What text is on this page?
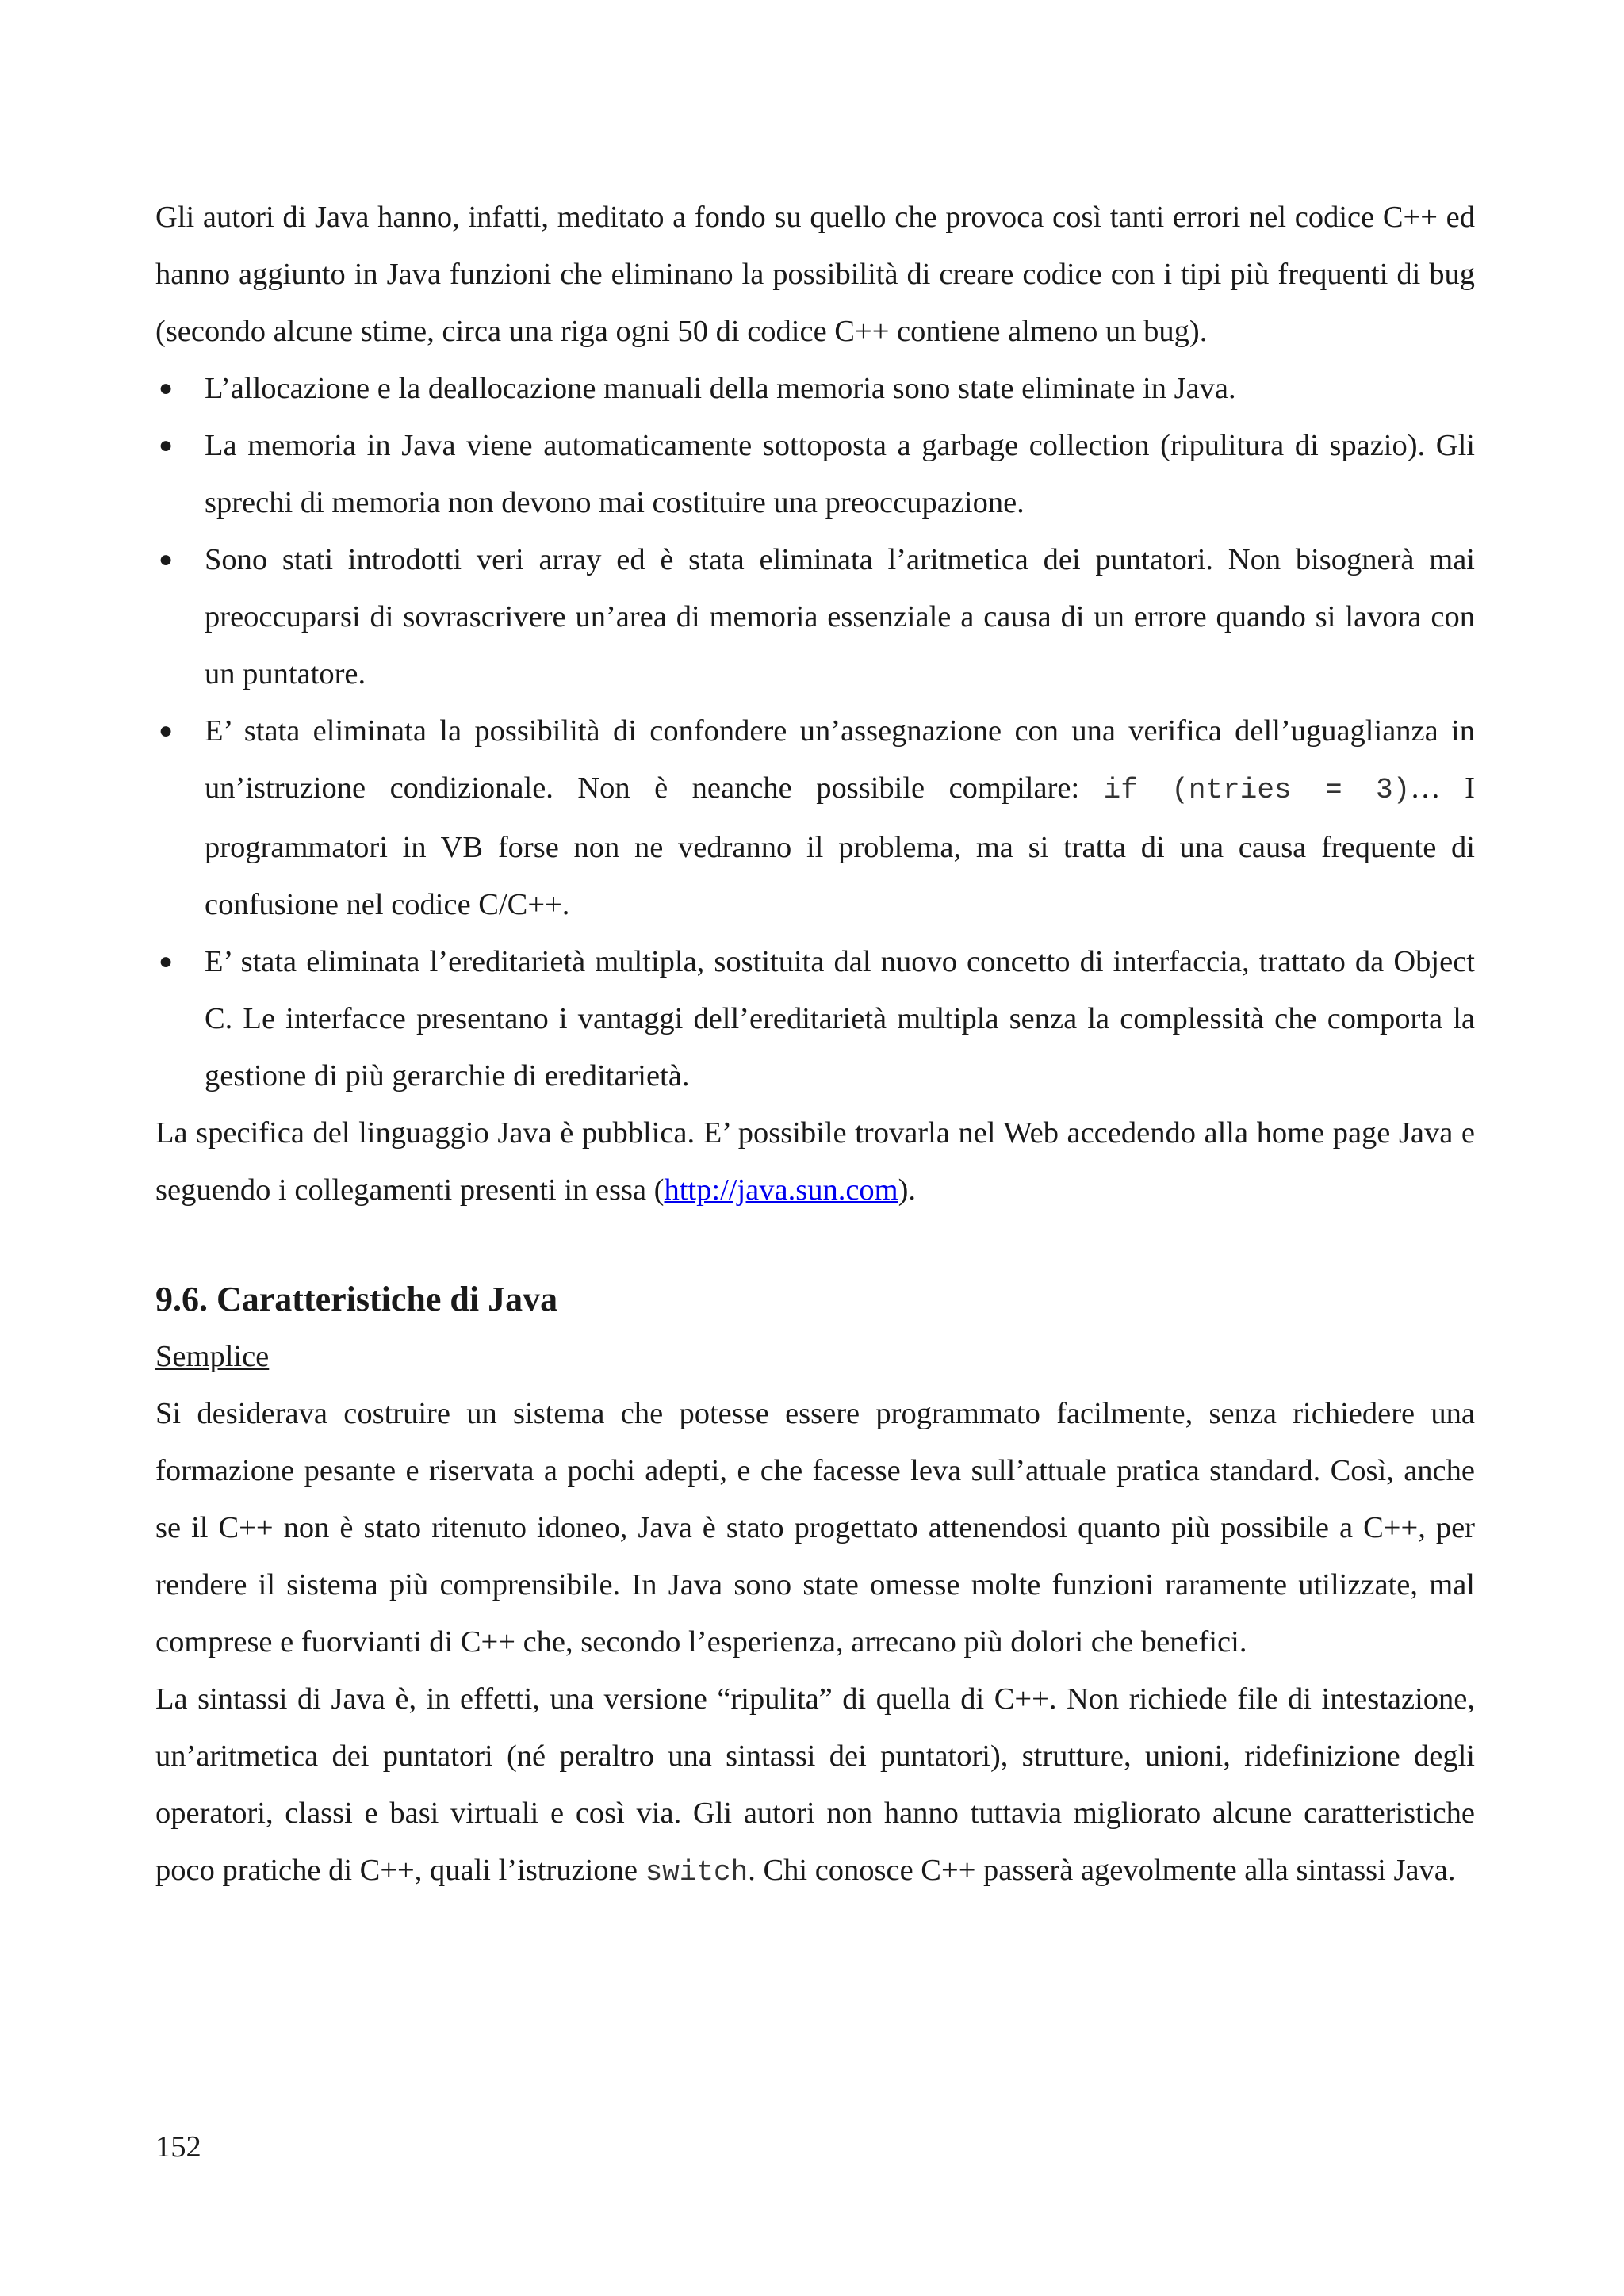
Gli autori di Java hanno, infatti, meditato a fondo su quello che provoca così tanti errori nel codice C++ ed hanno aggiunto in Java funzioni che eliminano la possibilità di creare codice con i tipi più frequenti di bug (secondo alcune stime, circa una riga ogni 50 di codice C++ contiene almeno un bug).

● L’allocazione e la deallocazione manuali della memoria sono state eliminate in Java.
● La memoria in Java viene automaticamente sottoposta a garbage collection (ripulitura di spazio). Gli sprechi di memoria non devono mai costituire una preoccupazione.
● Sono stati introdotti veri array ed è stata eliminata l’aritmetica dei puntatori. Non bisognerà mai preoccuparsi di sovrascrivere un’area di memoria essenziale a causa di un errore quando si lavora con un puntatore.
● E’ stata eliminata la possibilità di confondere un’assegnazione con una verifica dell’uguaglianza in un’istruzione condizionale. Non è neanche possibile compilare: if (ntries = 3)… I programmatori in VB forse non ne vedranno il problema, ma si tratta di una causa frequente di confusione nel codice C/C++.
● E’ stata eliminata l’ereditarietà multipla, sostituita dal nuovo concetto di interfaccia, trattato da Object C. Le interfacce presentano i vantaggi dell’ereditarietà multipla senza la complessità che comporta la gestione di più gerarchie di ereditarietà.

La specifica del linguaggio Java è pubblica. E’ possibile trovarla nel Web accedendo alla home page Java e seguendo i collegamenti presenti in essa (http://java.sun.com).

9.6. Caratteristiche di Java

Semplice

Si desiderava costruire un sistema che potesse essere programmato facilmente, senza richiedere una formazione pesante e riservata a pochi adepti, e che facesse leva sull’attuale pratica standard. Così, anche se il C++ non è stato ritenuto idoneo, Java è stato progettato attenendosi quanto più possibile a C++, per rendere il sistema più comprensibile. In Java sono state omesse molte funzioni raramente utilizzate, mal comprese e fuorvianti di C++ che, secondo l’esperienza, arrecano più dolori che benefici.

La sintassi di Java è, in effetti, una versione “ripulita” di quella di C++. Non richiede file di intestazione, un’aritmetica dei puntatori (né peraltro una sintassi dei puntatori), strutture, unioni, ridefinizione degli operatori, classi e basi virtuali e così via. Gli autori non hanno tuttavia migliorato alcune caratteristiche poco pratiche di C++, quali l’istruzione switch. Chi conosce C++ passerà agevolmente alla sintassi Java.

152
